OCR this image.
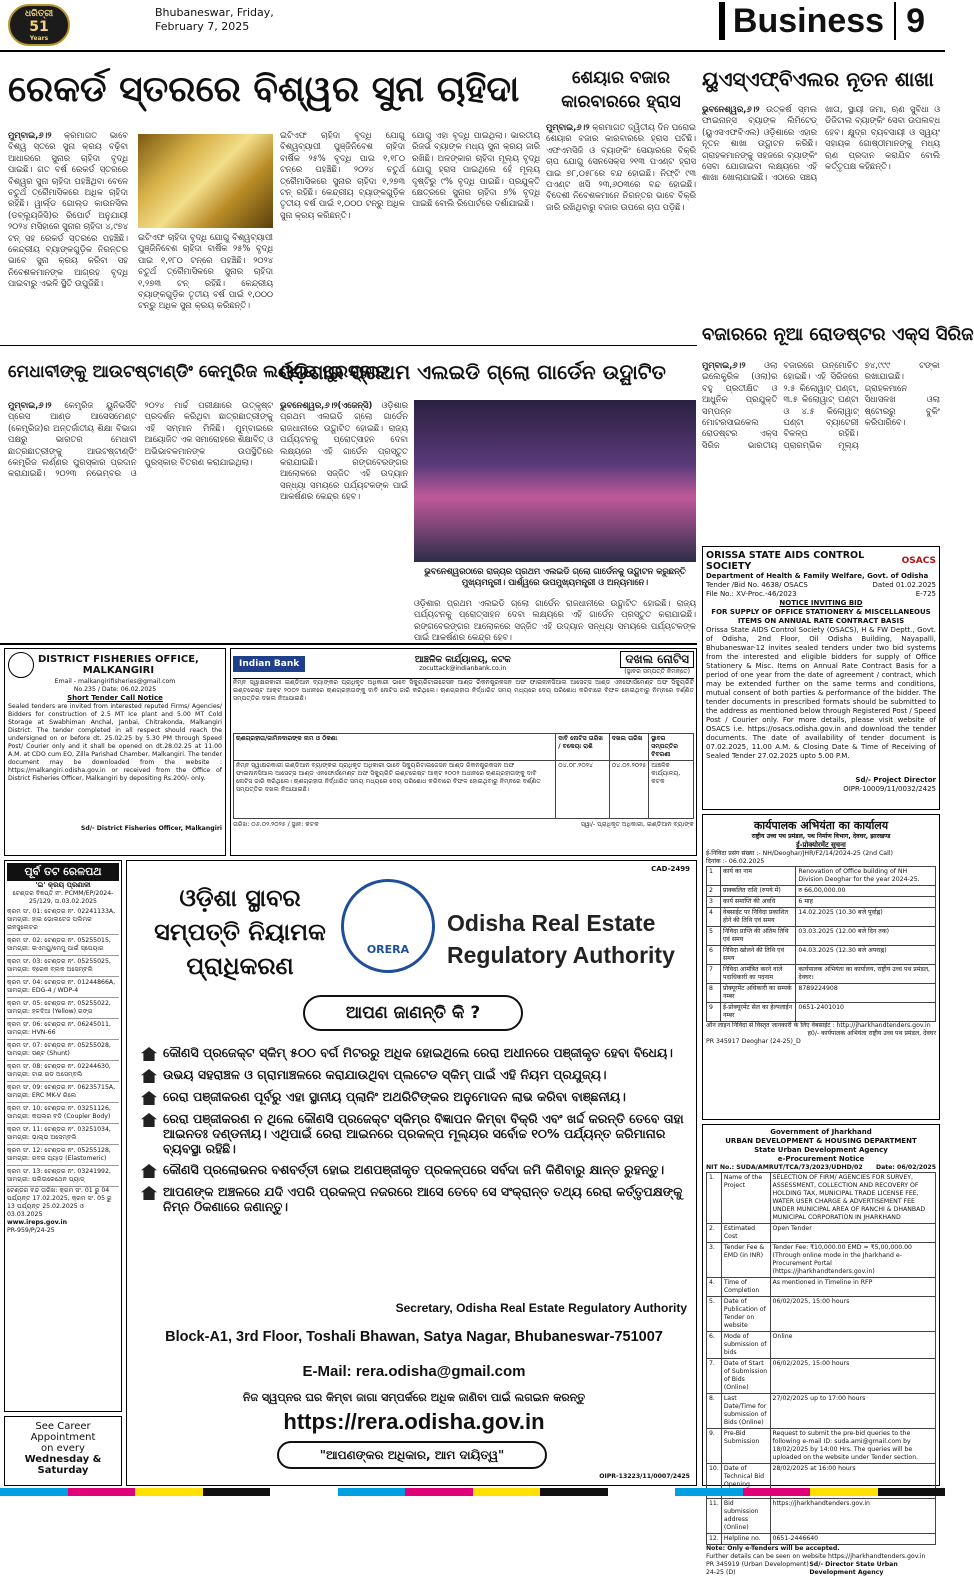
ଧରିତ୍ରୀ
51
Years
Bhubaneswar, Friday,
February 7, 2025	Business 9
ରେକର୍ଡ ସ୍ତରରେ ବିଶ୍ୱର ସୁନା ଚାହିଦା
ମୁମ୍ବାଇ,୬।୨ କ୍ରମାଗତ ଭାବେ ବିଶ୍ୱ ସ୍ତରେ ସୁନା କ୍ରୟ ବଢ଼ିବା ଆଧାରରେ ସୁନାର ଚାହିଦା ବୃଦ୍ଧି ପାଇଛି। ଗତ ବର୍ଷ ରେକର୍ଡ ସ୍ତରରେ ବିଶ୍ୱର ସୁନା ଚାହିଦା ପହଞ୍ଚିଥିବା ବେଳେ ଚତୁର୍ଥ ତ୍ରୈମାସିକରେ ଅଧିକ ଚାହିଦା ରହିଛି। ୱାର୍ଲ୍ଡ ଗୋଲ୍ଡ କାଉନସିଲ (ଡବ୍ଲ୍ୟୁଜିସି)ର ରିପୋର୍ଟ ଅନୁଯାୟୀ ୨୦୨୪ ମସିହାରେ ସୁନାର ଚାହିଦା ୪,୯୭୪ ଟନ୍ ସହ ରେକର୍ଡ ସ୍ତରରେ ପହଞ୍ଚିଛି। କେନ୍ଦ୍ରୀୟ ବ୍ୟାଙ୍କଗୁଡ଼ିକ ନିରନ୍ତର ଭାବେ ସୁନା କ୍ରୟ କରିବା ସହ ନିବେଶକମାନଙ୍କ ଆଗ୍ରହ ବୃଦ୍ଧି ପାଇବାରୁ ଏଭଳି ସ୍ଥିତି ଉପୁଜିଛି।
ଇଟିଏଫ ଚାହିଦା ବୃଦ୍ଧି ଯୋଗୁ ବିଶ୍ୱବ୍ୟାପୀ ପୁଞ୍ଜିନିବେଶ ଚାହିଦା ବାର୍ଷିକ ୨୫% ବୃଦ୍ଧି ପାଇ ୧,୧୮୦ ଟନ୍ରେ ପହଞ୍ଚିଛି। ୨୦୨୪ ଚତୁର୍ଥ ତ୍ରୈମାସିକରେ ସୁନାର ଚାହିଦା ୧,୨୭୩ ଟନ୍ ରହିଛି। କେନ୍ଦ୍ରୀୟ ବ୍ୟାଙ୍କଗୁଡ଼ିକ ତୃତୀୟ ବର୍ଷ ପାଇଁ ୧,୦୦୦ ଟନ୍ରୁ ଅଧିକ ସୁନା କ୍ରୟ କରିଛନ୍ତି।
ଇଟିଏଫ ଚାହିଦା ବୃଦ୍ଧି ଯୋଗୁ ବିଶ୍ୱବ୍ୟାପୀ ପୁଞ୍ଜିନିବେଶ ଚାହିଦା ବାର୍ଷିକ ୨୫% ବୃଦ୍ଧି ପାଇ ୧,୧୮୦ ଟନ୍ରେ ପହଞ୍ଚିଛି। ୨୦୨୪ ଚତୁର୍ଥ ତ୍ରୈମାସିକରେ ସୁନାର ଚାହିଦା ୧,୨୭୩ ଟନ୍ ରହିଛି। କେନ୍ଦ୍ରୀୟ ବ୍ୟାଙ୍କଗୁଡ଼ିକ ତୃତୀୟ ବର୍ଷ ପାଇଁ ୧,୦୦୦ ଟନ୍ରୁ ଅଧିକ ସୁନା କ୍ରୟ କରିଛନ୍ତି।
ଯୋଗୁ ଏହା ବୃଦ୍ଧି ପାଇଥିଲା। ଭାରତୀୟ ରିଜର୍ଭ ବ୍ୟାଙ୍କ ମଧ୍ୟ ସୁନା କ୍ରୟ ଜାରି ରଖିଛି। ଅଳଙ୍କାର ଚାହିଦା ମୂଲ୍ୟ ବୃଦ୍ଧି ଯୋଗୁ ହ୍ରାସ ପାଇଥିଲେ ହେଁ ମୂଲ୍ୟ ଦୃଷ୍ଟିରୁ ୯% ବୃଦ୍ଧି ପାଇଛି। ପ୍ରଯୁକ୍ତି କ୍ଷେତ୍ରରେ ସୁନାର ଚାହିଦା ୭% ବୃଦ୍ଧି ପାଇଛି ବୋଲି ରିପୋର୍ଟରେ ଦର୍ଶାଯାଇଛି।
ଶେୟାର ବଜାର କାରବାରରେ ହ୍ରାସ
ମୁମ୍ବାଇ,୬।୨ କ୍ରମାଗତ ଦ୍ୱିତୀୟ ଦିନ ଘରୋଇ ଶେୟାର ବଜାର କାରବାରରେ ହ୍ରାସ ଘଟିଛି। ଏଫଏମସିଜି ଓ ବ୍ୟାଙ୍କିଂ ସେୟାରରେ ବିକ୍ରି ଚାପ ଯୋଗୁ ସେନସେକ୍ସ ୨୧୩ ପଏଣ୍ଟ ହ୍ରାସ ପାଇ ୭୮,୦୫୮ରେ ବନ୍ଦ ହୋଇଛି। ନିଫ୍ଟି ୯୩ ପଏଣ୍ଟ ଖସି ୨୩,୬୦୩ରେ ବନ୍ଦ ହୋଇଛି। ବିଦେଶୀ ନିବେଶକମାନେ ନିରନ୍ତର ଭାବେ ବିକ୍ରି ଜାରି ରଖିଥିବାରୁ ବଜାର ଉପରେ ଚାପ ପଡ଼ିଛି।
ୟୁଏସ୍ଏଫ୍ବିଏଲର ନୂତନ ଶାଖା
ଭୁବନେଶ୍ୱର,୬।୨ ଉତ୍କର୍ଷ ସ୍ମଲ ଫାଇନାନ୍ସ ବ୍ୟାଙ୍କ ଲିମିଟେଡ୍ (ୟୁଏସଏଫବିଏଲ) ଓଡ଼ିଶାରେ ଏହାର ନୂତନ ଶାଖା ଉଦ୍ଘାଟନ କରିଛି। ଗ୍ରାହକମାନଙ୍କୁ ସହଜରେ ବ୍ୟାଙ୍କିଂ ସେବା ଯୋଗାଇବା ଲକ୍ଷ୍ୟରେ ଏହି ଶାଖା ଖୋଲାଯାଇଛି। ଏଠାରେ ସଞ୍ଚୟ ଖାତା, ସ୍ଥାୟୀ ଜମା, ଋଣ ସୁବିଧା ଓ ଡିଜିଟାଲ ବ୍ୟାଙ୍କିଂ ସେବା ଉପଲବ୍ଧ ହେବ। କ୍ଷୁଦ୍ର ବ୍ୟବସାୟୀ ଓ ସ୍ୱୟଂ ସହାୟକ ଗୋଷ୍ଠୀମାନଙ୍କୁ ମଧ୍ୟ ଋଣ ପ୍ରଦାନ କରାଯିବ ବୋଲି କର୍ତ୍ତୃପକ୍ଷ କହିଛନ୍ତି।
ବଜାରରେ ନୂଆ ରୋଡଷ୍ଟର ଏକ୍ସ ସିରିଜ
ମୁମ୍ବାଇ,୬।୨ ଓଲା ଇଲେକ୍ଟ୍ରିକ (ଓଲା)ର ବହୁ ପ୍ରତୀକ୍ଷିତ ଓ ଆଧୁନିକ ପ୍ରଯୁକ୍ତି ସମ୍ପନ୍ନ ମୋଟରସାଇକେଲ ରୋଡଷ୍ଟର ଏକ୍ସ ସିରିଜ ଭାରତୀୟ ବଜାରରେ ଉନ୍ମୋଚିତ ହୋଇଛି। ଏହି ସିରିଜରେ ୨.୫ କିଲୋୱାଟ୍ ଘଣ୍ଟା, ୩.୫ କିଲୋୱାଟ୍ ଘଣ୍ଟା ଓ ୪.୫ କିଲୋୱାଟ୍ ଘଣ୍ଟା ବ୍ୟାଟେରୀ ବିକଳ୍ପ ରହିଛି। ପ୍ରାରମ୍ଭିକ ମୂଲ୍ୟ ୭୪,୯୯୯ ଟଙ୍କା ରଖାଯାଇଛି। ଗ୍ରାହକମାନେ ସିଧାସଳଖ ଓଲା ଷ୍ଟୋରରୁ ବୁକିଂ କରିପାରିବେ।
ମେଧାବୀଙ୍କୁ ଆଉଟଷ୍ଟାଣ୍ଡିଂ କେମ୍ବ୍ରିଜ ଲର୍ଣ୍ଣର ପୁରସ୍କାର
ମୁମ୍ବାଇ,୬।୨ କେମ୍ବ୍ରିଜ ୟୁନିଭର୍ସିଟି ପ୍ରେସ ଆଣ୍ଡ ଆସେସମେଣ୍ଟ (କେମ୍ବ୍ରିଜ)ର ଅନ୍ତର୍ଜାତୀୟ ଶିକ୍ଷା ବିଭାଗ ପକ୍ଷରୁ ଭାରତର ମେଧାବୀ ଛାତ୍ରଛାତ୍ରୀଙ୍କୁ ଆଉଟଷ୍ଟାଣ୍ଡିଂ କେମ୍ବ୍ରିଜ ଲର୍ଣ୍ଣର ପୁରସ୍କାର ପ୍ରଦାନ କରାଯାଇଛି। ୨୦୨୩ ନଭେମ୍ବର ଓ ୨୦୨୪ ମାର୍ଚ୍ଚ ପରୀକ୍ଷାରେ ଉତ୍କୃଷ୍ଟ ପ୍ରଦର୍ଶନ କରିଥିବା ଛାତ୍ରଛାତ୍ରୀଙ୍କୁ ଏହି ସମ୍ମାନ ମିଳିଛି। ମୁମ୍ବାଇରେ ଆୟୋଜିତ ଏକ ସମାରୋହରେ ଶିକ୍ଷାବିତ୍ ଓ ଅଭିଭାବକମାନଙ୍କ ଉପସ୍ଥିତିରେ ପୁରସ୍କାର ବିତରଣ କରାଯାଇଥିଲା।
ଓଡ଼ିଶାର ପ୍ରଥମ ଏଲଇଡି ଗ୍ଲୋ ଗାର୍ଡେନ ଉଦ୍ଘାଟିତ
ଭୁବନେଶ୍ୱର,୬।୨(ଏଜେନ୍ସି) ଓଡ଼ିଶାର ପ୍ରଥମ ଏଲଇଡି ଗ୍ଲୋ ଗାର୍ଡେନ ରାଜଧାନୀରେ ଉଦ୍ଘାଟିତ ହୋଇଛି। ରାଜ୍ୟ ପର୍ଯ୍ୟଟନକୁ ପ୍ରୋତ୍ସାହନ ଦେବା ଲକ୍ଷ୍ୟରେ ଏହି ଗାର୍ଡେନ ପ୍ରସ୍ତୁତ କରାଯାଇଛି। ରଙ୍ଗବେରଙ୍ଗର ଆଲୋକରେ ସଜ୍ଜିତ ଏହି ଉଦ୍ୟାନ ସନ୍ଧ୍ୟା ସମୟରେ ପର୍ଯ୍ୟଟକଙ୍କ ପାଇଁ ଆକର୍ଷଣର କେନ୍ଦ୍ର ହେବ।
ଭୁବନେଶ୍ୱରଠାରେ ରାଜ୍ୟର ପ୍ରଥମ ଏଲଇଡି ଗ୍ଲୋ ଗାର୍ଡେନକୁ ଉଦ୍ଘାଟନ କରୁଛନ୍ତି ମୁଖ୍ୟମନ୍ତ୍ରୀ। ପାର୍ଶ୍ୱରେ ଉପମୁଖ୍ୟମନ୍ତ୍ରୀ ଓ ଅନ୍ୟମାନେ।
ଓଡ଼ିଶାର ପ୍ରଥମ ଏଲଇଡି ଗ୍ଲୋ ଗାର୍ଡେନ ରାଜଧାନୀରେ ଉଦ୍ଘାଟିତ ହୋଇଛି। ରାଜ୍ୟ ପର୍ଯ୍ୟଟନକୁ ପ୍ରୋତ୍ସାହନ ଦେବା ଲକ୍ଷ୍ୟରେ ଏହି ଗାର୍ଡେନ ପ୍ରସ୍ତୁତ କରାଯାଇଛି। ରଙ୍ଗବେରଙ୍ଗର ଆଲୋକରେ ସଜ୍ଜିତ ଏହି ଉଦ୍ୟାନ ସନ୍ଧ୍ୟା ସମୟରେ ପର୍ଯ୍ୟଟକଙ୍କ ପାଇଁ ଆକର୍ଷଣର କେନ୍ଦ୍ର ହେବ।
ORISSA STATE AIDS CONTROL SOCIETY	OSACS
Department of Health & Family Welfare, Govt. of Odisha
Tender /Bid No. 4638/ OSACS	Dated 01.02.2025
File No.: XV-Proc.-46/2023	E-725
NOTICE INVITING BID
FOR SUPPLY OF OFFICE STATIONERY & MISCELLANEOUS ITEMS ON ANNUAL RATE CONTRACT BASIS
Orissa State AIDS Control Society (OSACS), H & FW Deptt., Govt. of Odisha, 2nd Floor, Oil Odisha Building, Nayapalli, Bhubaneswar-12 invites sealed tenders under two bid systems from the interested and eligible bidders for supply of Office Stationery & Misc. Items on Annual Rate Contract Basis for a period of one year from the date of agreement / contract, which may be extended further on the same terms and conditions, mutual consent of both parties & performance of the bidder. The tender documents in prescribed formats should be submitted to the address as mentioned below through Registered Post / Speed Post / Courier only. For more details, please visit website of OSACS i.e. https://osacs.odisha.gov.in and download the tender documents. The date of availability of tender document is 07.02.2025, 11.00 A.M. & Closing Date & Time of Receiving of Sealed Tender 27.02.2025 upto 5.00 P.M.
Sd/- Project Director
OIPR-10009/11/0032/2425
DISTRICT FISHERIES OFFICE,
MALKANGIRI
Email - malkangirifisheries@gmail.com
No.235 / Date: 06.02.2025
Short Tender Call Notice
Sealed tenders are invited from interested reputed Firms/ Agencies/ Bidders for construction of 2.5 MT Ice plant and 5.00 MT Cold Storage at Swabhiman Anchal, Janbai, Chitrakonda, Malkangiri District. The tender completed in all respect should reach the undersigned on or before dt. 25.02.25 by 5.30 PM through Speed Post/ Courier only and it shall be opened on dt.28.02.25 at 11.00 A.M. at CDO cum EO, Zilla Parishad Chamber, Malkangiri. The tender document may be downloaded from the website : https://malkangiri.odisha.gov.in or received from the Office of District Fisheries Officer, Malkangiri by depositing Rs.200/- only.
Sd/- District Fisheries Officer, Malkangiri
Indian Bank	ଆଞ୍ଚଳିକ କାର୍ଯ୍ୟାଳୟ, କଟକ
zocuttack@indianbank.co.in
ଦଖଲ ନୋଟିସ
(ସ୍ଥାବର ସମ୍ପତ୍ତି ନିମନ୍ତେ)
ନିମ୍ନ ସ୍ୱାକ୍ଷରକାରୀ ଇଣ୍ଡିଆନ ବ୍ୟାଙ୍କର ପ୍ରାଧିକୃତ ଅଧିକାରୀ ଭାବେ ସିକ୍ୟୁରିଟାଇଜେସନ ଆଣ୍ଡ ରିକନଷ୍ଟ୍ରକସନ ଅଫ ଫାଇନାନସିଆଲ ଆସେଟ୍ସ ଆଣ୍ଡ ଏନଫୋର୍ସମେଣ୍ଟ ଅଫ ସିକ୍ୟୁରିଟି ଇଣ୍ଟରେଷ୍ଟ ଆକ୍ଟ ୨୦୦୨ ଅଧୀନରେ ଋଣଗ୍ରହୀତାଙ୍କୁ ଦାବି ନୋଟିସ ଜାରି କରିଥିଲେ। ଋଣଗ୍ରହୀତା ନିର୍ଦ୍ଧାରିତ ସମୟ ମଧ୍ୟରେ ଦେୟ ପରିଶୋଧ କରିବାରେ ବିଫଳ ହୋଇଥିବାରୁ ନିମ୍ନରେ ବର୍ଣ୍ଣିତ ସମ୍ପତ୍ତିର ଦଖଲ ନିଆଯାଇଛି।
ଋଣଗ୍ରହୀତା/ଜାମିନଦାରଙ୍କ ନାମ ଓ ଠିକଣା	ଦାବି ନୋଟିସ ତାରିଖ / ବକେୟା ରାଶି	ଦଖଲ ତାରିଖ	ସ୍ଥାବର ସମ୍ପତ୍ତିର ବିବରଣୀ
ନିମ୍ନ ସ୍ୱାକ୍ଷରକାରୀ ଇଣ୍ଡିଆନ ବ୍ୟାଙ୍କର ପ୍ରାଧିକୃତ ଅଧିକାରୀ ଭାବେ ସିକ୍ୟୁରିଟାଇଜେସନ ଆଣ୍ଡ ରିକନଷ୍ଟ୍ରକସନ ଅଫ ଫାଇନାନସିଆଲ ଆସେଟ୍ସ ଆଣ୍ଡ ଏନଫୋର୍ସମେଣ୍ଟ ଅଫ ସିକ୍ୟୁରିଟି ଇଣ୍ଟରେଷ୍ଟ ଆକ୍ଟ ୨୦୦୨ ଅଧୀନରେ ଋଣଗ୍ରହୀତାଙ୍କୁ ଦାବି ନୋଟିସ ଜାରି କରିଥିଲେ। ଋଣଗ୍ରହୀତା ନିର୍ଦ୍ଧାରିତ ସମୟ ମଧ୍ୟରେ ଦେୟ ପରିଶୋଧ କରିବାରେ ବିଫଳ ହୋଇଥିବାରୁ ନିମ୍ନରେ ବର୍ଣ୍ଣିତ ସମ୍ପତ୍ତିର ଦଖଲ ନିଆଯାଇଛି।	୦୪.୦୮.୨୦୨୪	୦୪.୦୨.୨୦୨୫	ଆଞ୍ଚଳିକ କାର୍ଯ୍ୟାଳୟ, କଟକ
ତାରିଖ: ୦୬.୦୨.୨୦୨୫ / ସ୍ଥାନ: କଟକ	ସ୍ୱା/- ପ୍ରାଧିକୃତ ଅଧିକାରୀ, ଇଣ୍ଡିଆନ ବ୍ୟାଙ୍କ	कार्यपालक अभियंता का कार्यालय
राष्ट्रीय उच्च पथ प्रमंडल, पथ निर्माण विभाग, देवघर, झारखण्ड
ई-प्रोक्योरमेंट सूचना
ई-निविदा प्रसंग संख्या :- NH/Deoghar/JHR/F2/14/2024-25 (2nd Call)
दिनांक :- 06.02.2025
1	कार्य का नाम	Renovation of Office building of NH Division Deoghar for the year 2024-25.
2	प्राक्कलित राशि (रुपये में)	रु 66,00,000.00
3	कार्य समाप्ति की अवधि	6 माह
4	वेबसाईट पर निविदा प्रकाशित होने की तिथि एवं समय	14.02.2025 (10.30 बजे पूर्वाह्न)
5	निविदा प्राप्ति की अंतिम तिथि एवं समय	03.03.2025 (12.00 बजे दिन तक)
6	निविदा खोलने की तिथि एवं समय	04.03.2025 (12.30 बजे अपराह्न)
7	निविदा आमंत्रित करने वाले पदाधिकारी का पदनाम	कार्यपालक अभियंता का कार्यालय, राष्ट्रीय उच्च पथ प्रमंडल, देवघर।
8	प्रोक्यूरमेंट अधिकारी का सम्पर्क नम्बर	8789224908
9	ई-प्रोक्यूरमेंट सेल का हेल्पलाईन नम्बर	0651-2401010
ऑन लाइन निविदा से विस्तृत जानकारी के लिए वेबसाईट : http://jharkhandtenders.gov.in
ह0/- कार्यपालक अभियंता राष्ट्रीय उच्च पथ प्रमंडल, देवघर
PR 345917 Deoghar (24-25)_D
Government of Jharkhand
URBAN DEVELOPMENT & HOUSING DEPARTMENT
State Urban Development Agency
e-Procurement Notice
NIT No.: SUDA/AMRUT/TCA/73/2023/UDHD/02 Date: 06/02/2025
1.	Name of the Project	SELECTION OF FIRM/ AGENCIES FOR SURVEY, ASSESSMENT, COLLECTION AND RECOVERY OF HOLDING TAX, MUNICIPAL TRADE LICENSE FEE, WATER USER CHARGE & ADVERTISEMENT FEE UNDER MUNICIPAL AREA OF RANCHI & DHANBAD MUNICIPAL CORPORATION IN JHARKHAND
2.	Estimated Cost	Open Tender
3.	Tender Fee & EMD (in INR)	Tender Fee: ₹10,000.00 EMD = ₹5,00,000.00 (Through online mode in the Jharkhand e-Procurement Portal (https://jharkhandtenders.gov.in)
4.	Time of Completion	As mentioned in Timeline in RFP
5.	Date of Publication of Tender on website	06/02/2025, 15:00 hours
6.	Mode of submission of bids	Online
7.	Date of Start of Submission of Bids (Online)	06/02/2025, 15:00 hours
8.	Last Date/Time for submission of Bids (Online)	27/02/2025 up to 17:00 hours
9.	Pre-Bid Submission	Request to submit the pre-bid queries to the following e-mail ID: suda.ami@gmail.com by 18/02/2025 by 14:00 Hrs. The queries will be uploaded on the website under Tender section.
10.	Date of Technical Bid Opening	28/02/2025 at 16:00 hours
11.	Bid submission address (Online)	https://jharkhandtenders.gov.in
12.	Helpline no.	0651-2446640
Note: Only e-Tenders will be accepted.
Further details can be seen on website https://jharkhandtenders.gov.in
PR 345919 (Urban Development) 24-25 (D)
Sd/- Director State Urban Development Agency
ପୂର୍ବ ତଟ ରେଳପଥ
'ଇ' କ୍ରୟ ପ୍ରଣାଳୀ
ଟେଣ୍ଡର ବିଜ୍ଞପ୍ତି ନଂ. PCMM/EP/2024-25/129, ତା.03.02.2025
କ୍ରମ ସଂ. 01: ଟେଣ୍ଡର ନଂ. 02241133A, ସାମଗ୍ରୀ: ହାଇ ଭୋଲଟେଜ ପଲିମର ଇନସୁଲେଟର
କ୍ରମ ସଂ. 02: ଟେଣ୍ଡର ନଂ. 05255015, ସାମଗ୍ରୀ: ଇଏମୟୁ/ମେମୁ ପାଇଁ ସ୍ପେୟାର
କ୍ରମ ସଂ. 03: ଟେଣ୍ଡର ନଂ. 05255025, ସାମଗ୍ରୀ: ବ୍ରେକ ବ୍ଲକ ଅସେମ୍ବଲି
କ୍ରମ ସଂ. 04: ଟେଣ୍ଡର ନଂ. 01244866A, ସାମଗ୍ରୀ: EDG-4 / WDP-4
କ୍ରମ ସଂ. 05: ଟେଣ୍ଡର ନଂ. 05255022, ସାମଗ୍ରୀ: ହଳଦିଆ (Yellow) ରଙ୍ଗ
କ୍ରମ ସଂ. 06: ଟେଣ୍ଡର ନଂ. 06245011, ସାମଗ୍ରୀ: HVN-66
କ୍ରମ ସଂ. 07: ଟେଣ୍ଡର ନଂ. 05255028, ସାମଗ୍ରୀ: ସଣ୍ଟ (Shunt)
କ୍ରମ ସଂ. 08: ଟେଣ୍ଡର ନଂ. 02244630, ସାମଗ୍ରୀ: ଟାଇ ରଡ ଅସେମ୍ବଲି
କ୍ରମ ସଂ. 09: ଟେଣ୍ଡର ନଂ. 06235715A, ସାମଗ୍ରୀ: ERC MK-V ରିଲେ
କ୍ରମ ସଂ. 10: ଟେଣ୍ଡର ନଂ. 03251126, ସାମଗ୍ରୀ: କପଲର ବଡି (Coupler Body)
କ୍ରମ ସଂ. 11: ଟେଣ୍ଡର ନଂ. 03251034, ସାମଗ୍ରୀ: ଭାଲ୍ଭ ଅସେମ୍ବଲି
କ୍ରମ ସଂ. 12: ଟେଣ୍ଡର ନଂ. 05255128, ସାମଗ୍ରୀ: ରବର ପ୍ୟାଡ଼ (Elastomeric)
କ୍ରମ ସଂ. 13: ଟେଣ୍ଡର ନଂ. 03241992, ସାମଗ୍ରୀ: ପଲିଉରେଥେନ ପ୍ୟାଡ୍
ଟେଣ୍ଡର ବନ୍ଦ ତାରିଖ: କ୍ରମ ସଂ. 01 ରୁ 04 ପର୍ଯ୍ୟନ୍ତ 17.02.2025, କ୍ରମ ସଂ. 05 ରୁ 13 ପର୍ଯ୍ୟନ୍ତ 25.02.2025 ଓ 03.03.2025
www.ireps.gov.in
PR-959/P/24-25
See Career
Appointment
on every
Wednesday & Saturday
CAD-2499
ଓଡ଼ିଶା ସ୍ଥାବର
ସମ୍ପତ୍ତି ନିୟାମକ
ପ୍ରାଧିକରଣ
ORERA
Odisha Real Estate
Regulatory Authority
ଆପଣ ଜାଣନ୍ତି କି ?
କୌଣସି ପ୍ରଜେକ୍ଟ ସ୍କିମ୍ ୫୦୦ ବର୍ଗ ମିଟରରୁ ଅଧିକ ହୋଇଥିଲେ ରେରା ଅଧୀନରେ ପଞ୍ଜୀକୃତ ହେବା ବିଧେୟ।
ଉଭୟ ସହରାଞ୍ଚଳ ଓ ଗ୍ରାମାଞ୍ଚଳରେ କରାଯାଉଥିବା ପ୍ଲଟେଡ ସ୍କିମ୍ ପାଇଁ ଏହି ନିୟମ ପ୍ରଯୁଜ୍ୟ।
ରେରା ପଞ୍ଜୀକରଣ ପୂର୍ବରୁ ଏହା ସ୍ଥାନୀୟ ପ୍ଲାନିଂ ଅଥରିଟିଙ୍କର ଅନୁମୋଦନ ଲାଭ କରିବା ବାଞ୍ଛନୀୟ।
ରେରା ପଞ୍ଜୀକରଣ ନ ଥିଲେ କୌଣସି ପ୍ରଜେକ୍ଟ ସ୍କିମ୍ର ବିଜ୍ଞାପନ କିମ୍ବା ବିକ୍ରି ଏବଂ ଖର୍ଦ୍ଦ କରନ୍ତି ତେବେ ତାହା ଆଇନତଃ ଦଣ୍ଡନୀୟ। ଏଥିପାଇଁ ରେରା ଆଇନରେ ପ୍ରକଳ୍ପ ମୂଲ୍ୟର ସର୍ବୋଚ୍ଚ ୧୦% ପର୍ଯ୍ୟନ୍ତ ଜରିମାନାର ବ୍ୟବସ୍ଥା ରହିଛି।
କୌଣସି ପ୍ରଲୋଭନର ବଶବର୍ତ୍ତୀ ହୋଇ ଅଣପଞ୍ଜୀକୃତ ପ୍ରକଳ୍ପରେ ସର୍ବଦା ଜମି କିଣିବାରୁ କ୍ଷାନ୍ତ ରୁହନ୍ତୁ।
ଆପଣଙ୍କ ଅଞ୍ଚଳରେ ଯଦି ଏପରି ପ୍ରକଳ୍ପ ନଜରରେ ଆସେ ତେବେ ସେ ସଂକ୍ରାନ୍ତ ତଥ୍ୟ ରେରା କର୍ତ୍ତୃପକ୍ଷଙ୍କୁ ନିମ୍ନ ଠିକଣାରେ ଜଣାନ୍ତୁ।
Secretary, Odisha Real Estate Regulatory Authority
Block-A1, 3rd Floor, Toshali Bhawan, Satya Nagar, Bhubaneswar-751007
E-Mail: rera.odisha@gmail.com
ନିଜ ସ୍ୱପ୍ନର ଘର କିମ୍ବା ଜାଗା ସମ୍ପର୍କରେ ଅଧିକ ଜାଣିବା ପାଇଁ ଲଗଇନ କରନ୍ତୁ
https://rera.odisha.gov.in
"ଆପଣଙ୍କର ଅଧିକାର, ଆମ ଦାୟିତ୍ୱ"
OIPR-13223/11/0007/2425
